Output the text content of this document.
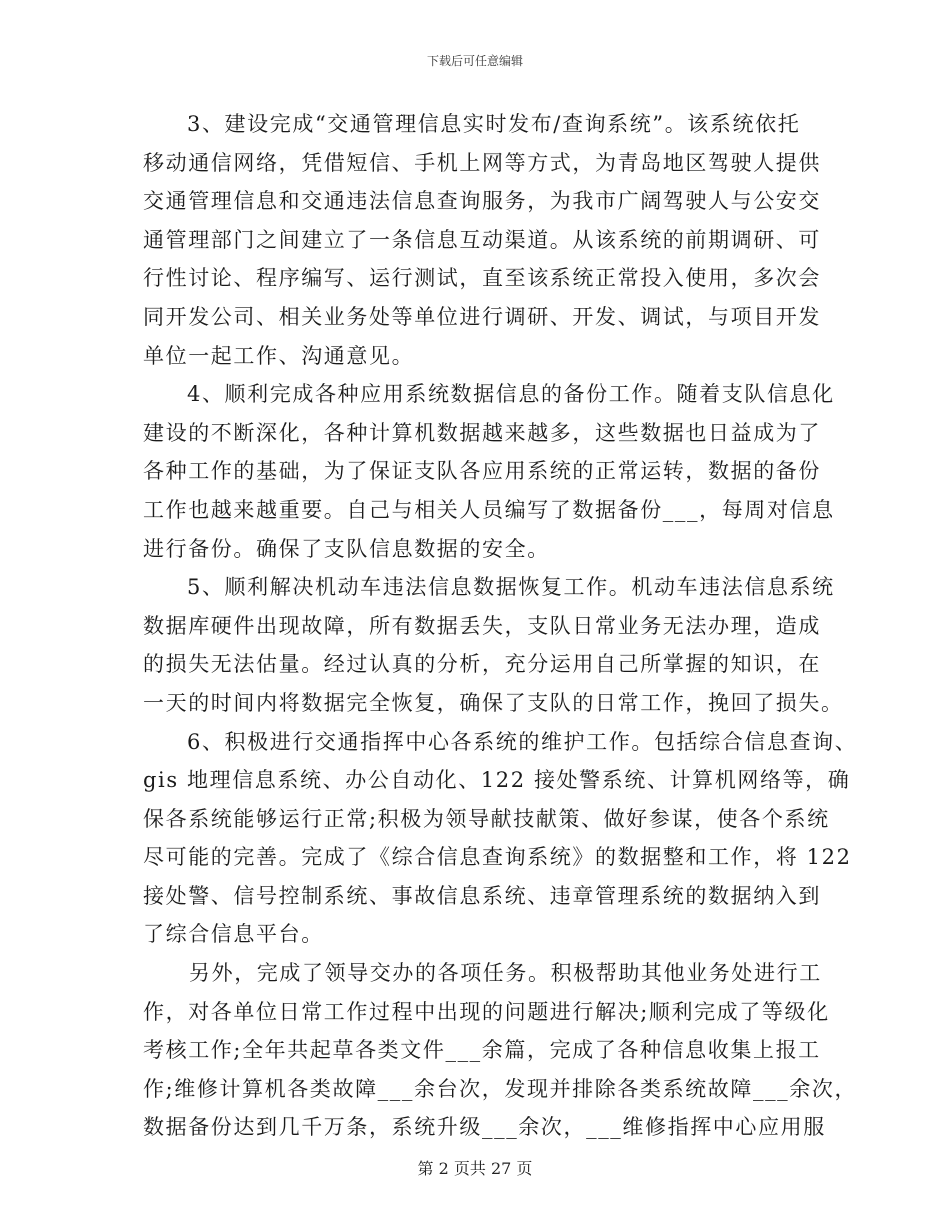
下载后可任意编辑
3、建设完成“交通管理信息实时发布/查询系统”。该系统依托
移动通信网络，凭借短信、手机上网等方式，为青岛地区驾驶人提供
交通管理信息和交通违法信息查询服务，为我市广阔驾驶人与公安交
通管理部门之间建立了一条信息互动渠道。从该系统的前期调研、可
行性讨论、程序编写、运行测试，直至该系统正常投入使用，多次会
同开发公司、相关业务处等单位进行调研、开发、调试，与项目开发
单位一起工作、沟通意见。
4、顺利完成各种应用系统数据信息的备份工作。随着支队信息化
建设的不断深化，各种计算机数据越来越多，这些数据也日益成为了
各种工作的基础，为了保证支队各应用系统的正常运转，数据的备份
工作也越来越重要。自己与相关人员编写了数据备份___，每周对信息
进行备份。确保了支队信息数据的安全。
5、顺利解决机动车违法信息数据恢复工作。机动车违法信息系统
数据库硬件出现故障，所有数据丢失，支队日常业务无法办理，造成
的损失无法估量。经过认真的分析，充分运用自己所掌握的知识，在
一天的时间内将数据完全恢复，确保了支队的日常工作，挽回了损失。
6、积极进行交通指挥中心各系统的维护工作。包括综合信息查询、
gis 地理信息系统、办公自动化、122 接处警系统、计算机网络等，确
保各系统能够运行正常;积极为领导献技献策、做好参谋，使各个系统
尽可能的完善。完成了《综合信息查询系统》的数据整和工作，将 122
接处警、信号控制系统、事故信息系统、违章管理系统的数据纳入到
了综合信息平台。
另外，完成了领导交办的各项任务。积极帮助其他业务处进行工
作，对各单位日常工作过程中出现的问题进行解决;顺利完成了等级化
考核工作;全年共起草各类文件___余篇，完成了各种信息收集上报工
作;维修计算机各类故障___余台次，发现并排除各类系统故障___余次，
数据备份达到几千万条，系统升级___余次，___维修指挥中心应用服
第 2 页共 27 页
